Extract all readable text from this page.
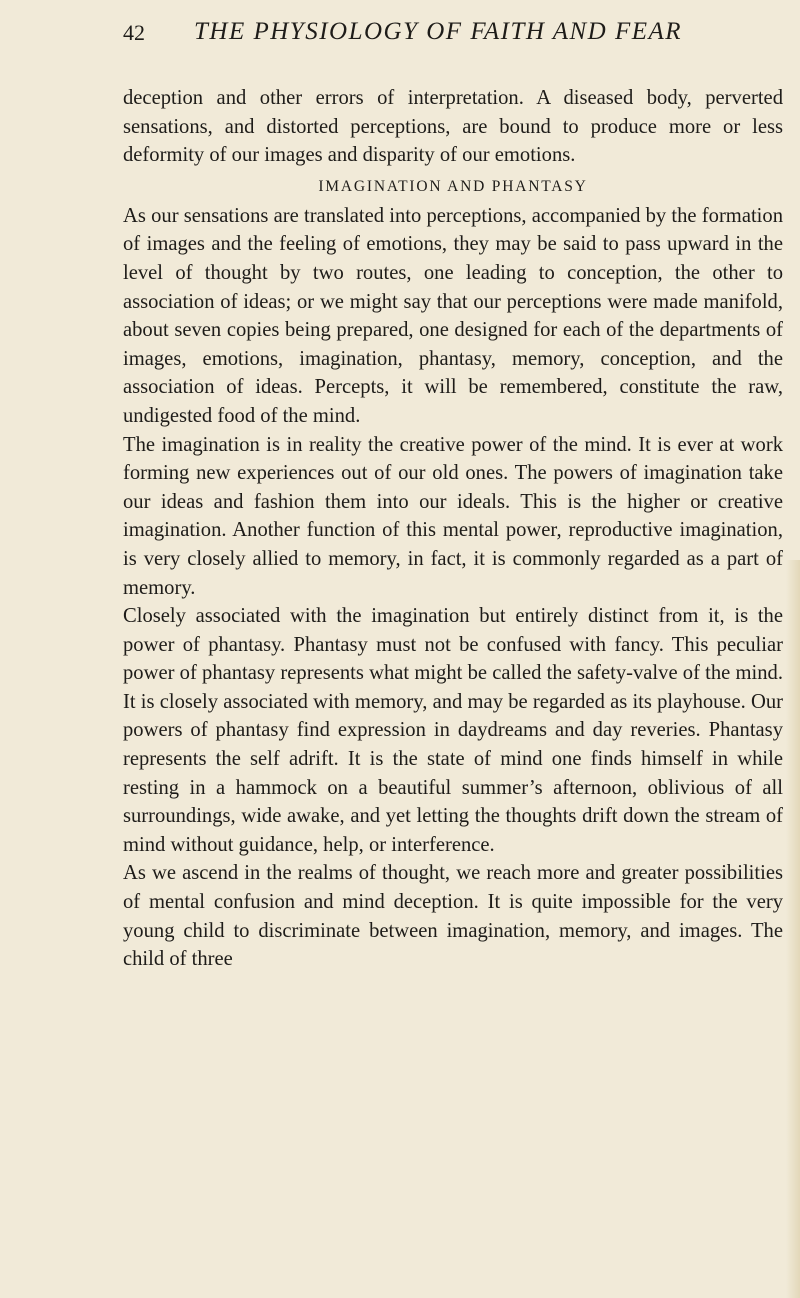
42 THE PHYSIOLOGY OF FAITH AND FEAR

deception and other errors of interpretation. A diseased body, perverted sensations, and distorted perceptions, are bound to produce more or less deformity of our images and disparity of our emotions.

IMAGINATION AND PHANTASY

As our sensations are translated into perceptions, accompanied by the formation of images and the feeling of emotions, they may be said to pass upward in the level of thought by two routes, one leading to conception, the other to association of ideas; or we might say that our perceptions were made manifold, about seven copies being prepared, one designed for each of the departments of images, emotions, imagination, phantasy, memory, conception, and the association of ideas. Percepts, it will be remembered, constitute the raw, undigested food of the mind.

The imagination is in reality the creative power of the mind. It is ever at work forming new experiences out of our old ones. The powers of imagination take our ideas and fashion them into our ideals. This is the higher or creative imagination. Another function of this mental power, reproductive imagination, is very closely allied to memory, in fact, it is commonly regarded as a part of memory.

Closely associated with the imagination but entirely distinct from it, is the power of phantasy. Phantasy must not be confused with fancy. This peculiar power of phantasy represents what might be called the safety-valve of the mind. It is closely associated with memory, and may be regarded as its playhouse. Our powers of phantasy find expression in daydreams and day reveries. Phantasy represents the self adrift. It is the state of mind one finds himself in while resting in a hammock on a beautiful summer’s afternoon, oblivious of all surroundings, wide awake, and yet letting the thoughts drift down the stream of mind without guidance, help, or interference.

As we ascend in the realms of thought, we reach more and greater possibilities of mental confusion and mind deception. It is quite impossible for the very young child to discriminate between imagination, memory, and images. The child of three
